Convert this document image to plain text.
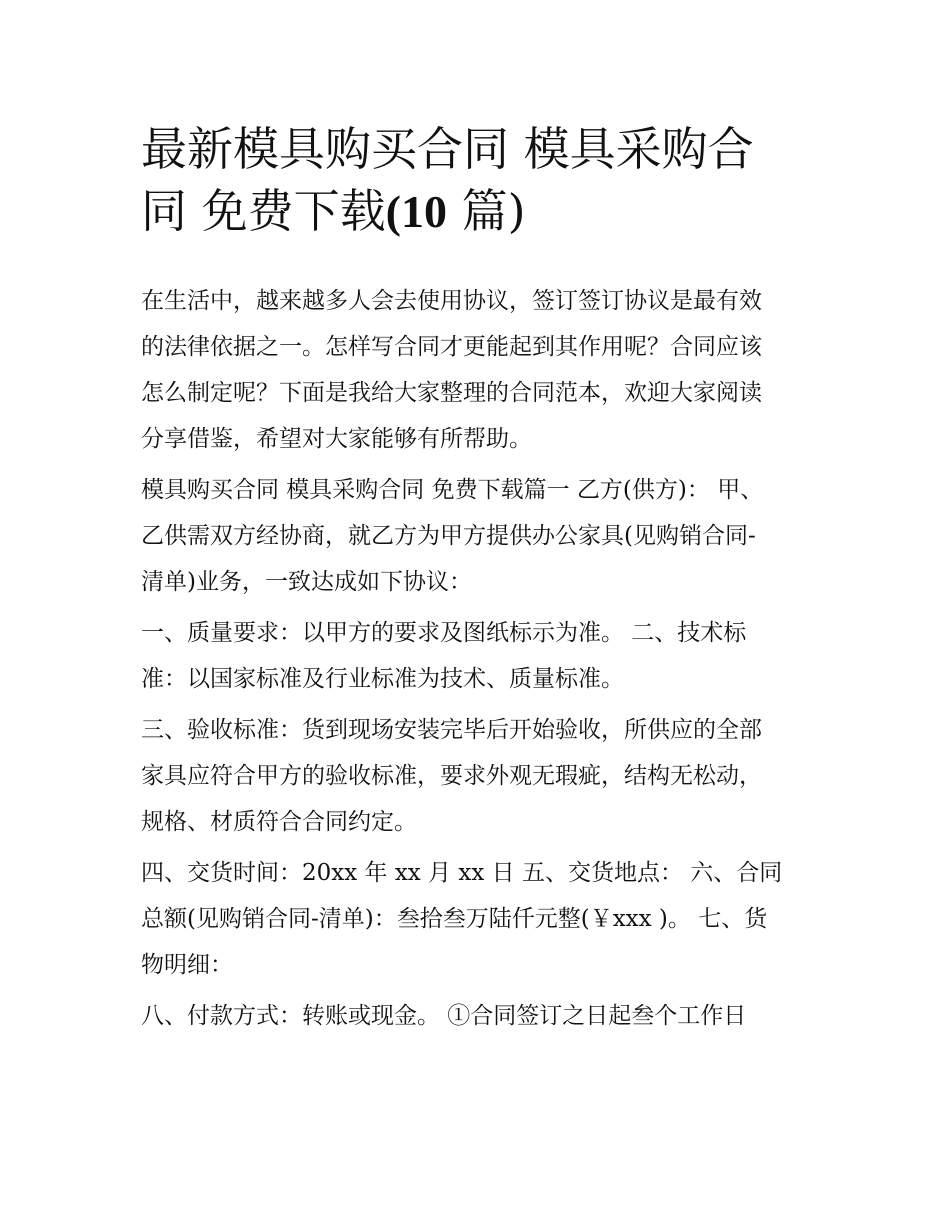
最新模具购买合同 模具采购合
同 免费下载(10 篇)

在生活中，越来越多人会去使用协议，签订签订协议是最有效
的法律依据之一。怎样写合同才更能起到其作用呢？合同应该
怎么制定呢？下面是我给大家整理的合同范本，欢迎大家阅读
分享借鉴，希望对大家能够有所帮助。

模具购买合同 模具采购合同 免费下载篇一 乙方(供方)： 甲、
乙供需双方经协商，就乙方为甲方提供办公家具(见购销合同-
清单)业务，一致达成如下协议：

一、质量要求：以甲方的要求及图纸标示为准。 二、技术标
准：以国家标准及行业标准为技术、质量标准。

三、验收标准：货到现场安装完毕后开始验收，所供应的全部
家具应符合甲方的验收标准，要求外观无瑕疵，结构无松动，
规格、材质符合合同约定。

四、交货时间：20xx 年 xx 月 xx 日 五、交货地点： 六、合同
总额(见购销合同-清单)：叁拾叁万陆仟元整(￥xxx )。 七、货
物明细：

八、付款方式：转账或现金。 ①合同签订之日起叁个工作日
